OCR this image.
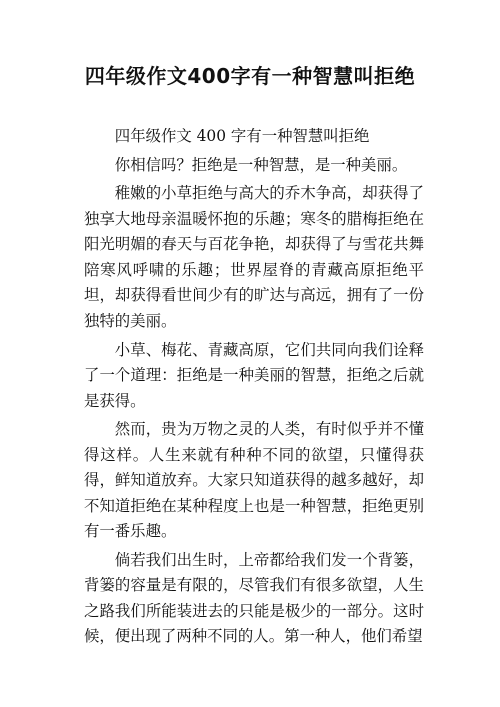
四年级作文400字有一种智慧叫拒绝

四年级作文 400 字有一种智慧叫拒绝

你相信吗？拒绝是一种智慧，是一种美丽。

稚嫩的小草拒绝与高大的乔木争高，却获得了独享大地母亲温暖怀抱的乐趣；寒冬的腊梅拒绝在阳光明媚的春天与百花争艳，却获得了与雪花共舞陪寒风呼啸的乐趣；世界屋脊的青藏高原拒绝平坦，却获得看世间少有的旷达与高远，拥有了一份独特的美丽。

小草、梅花、青藏高原，它们共同向我们诠释了一个道理：拒绝是一种美丽的智慧，拒绝之后就是获得。

然而，贵为万物之灵的人类，有时似乎并不懂得这样。人生来就有种种不同的欲望，只懂得获得，鲜知道放弃。大家只知道获得的越多越好，却不知道拒绝在某种程度上也是一种智慧，拒绝更别有一番乐趣。

倘若我们出生时，上帝都给我们发一个背篓，背篓的容量是有限的，尽管我们有很多欲望，人生之路我们所能装进去的只能是极少的一部分。这时候，便出现了两种不同的人。第一种人，他们希望
